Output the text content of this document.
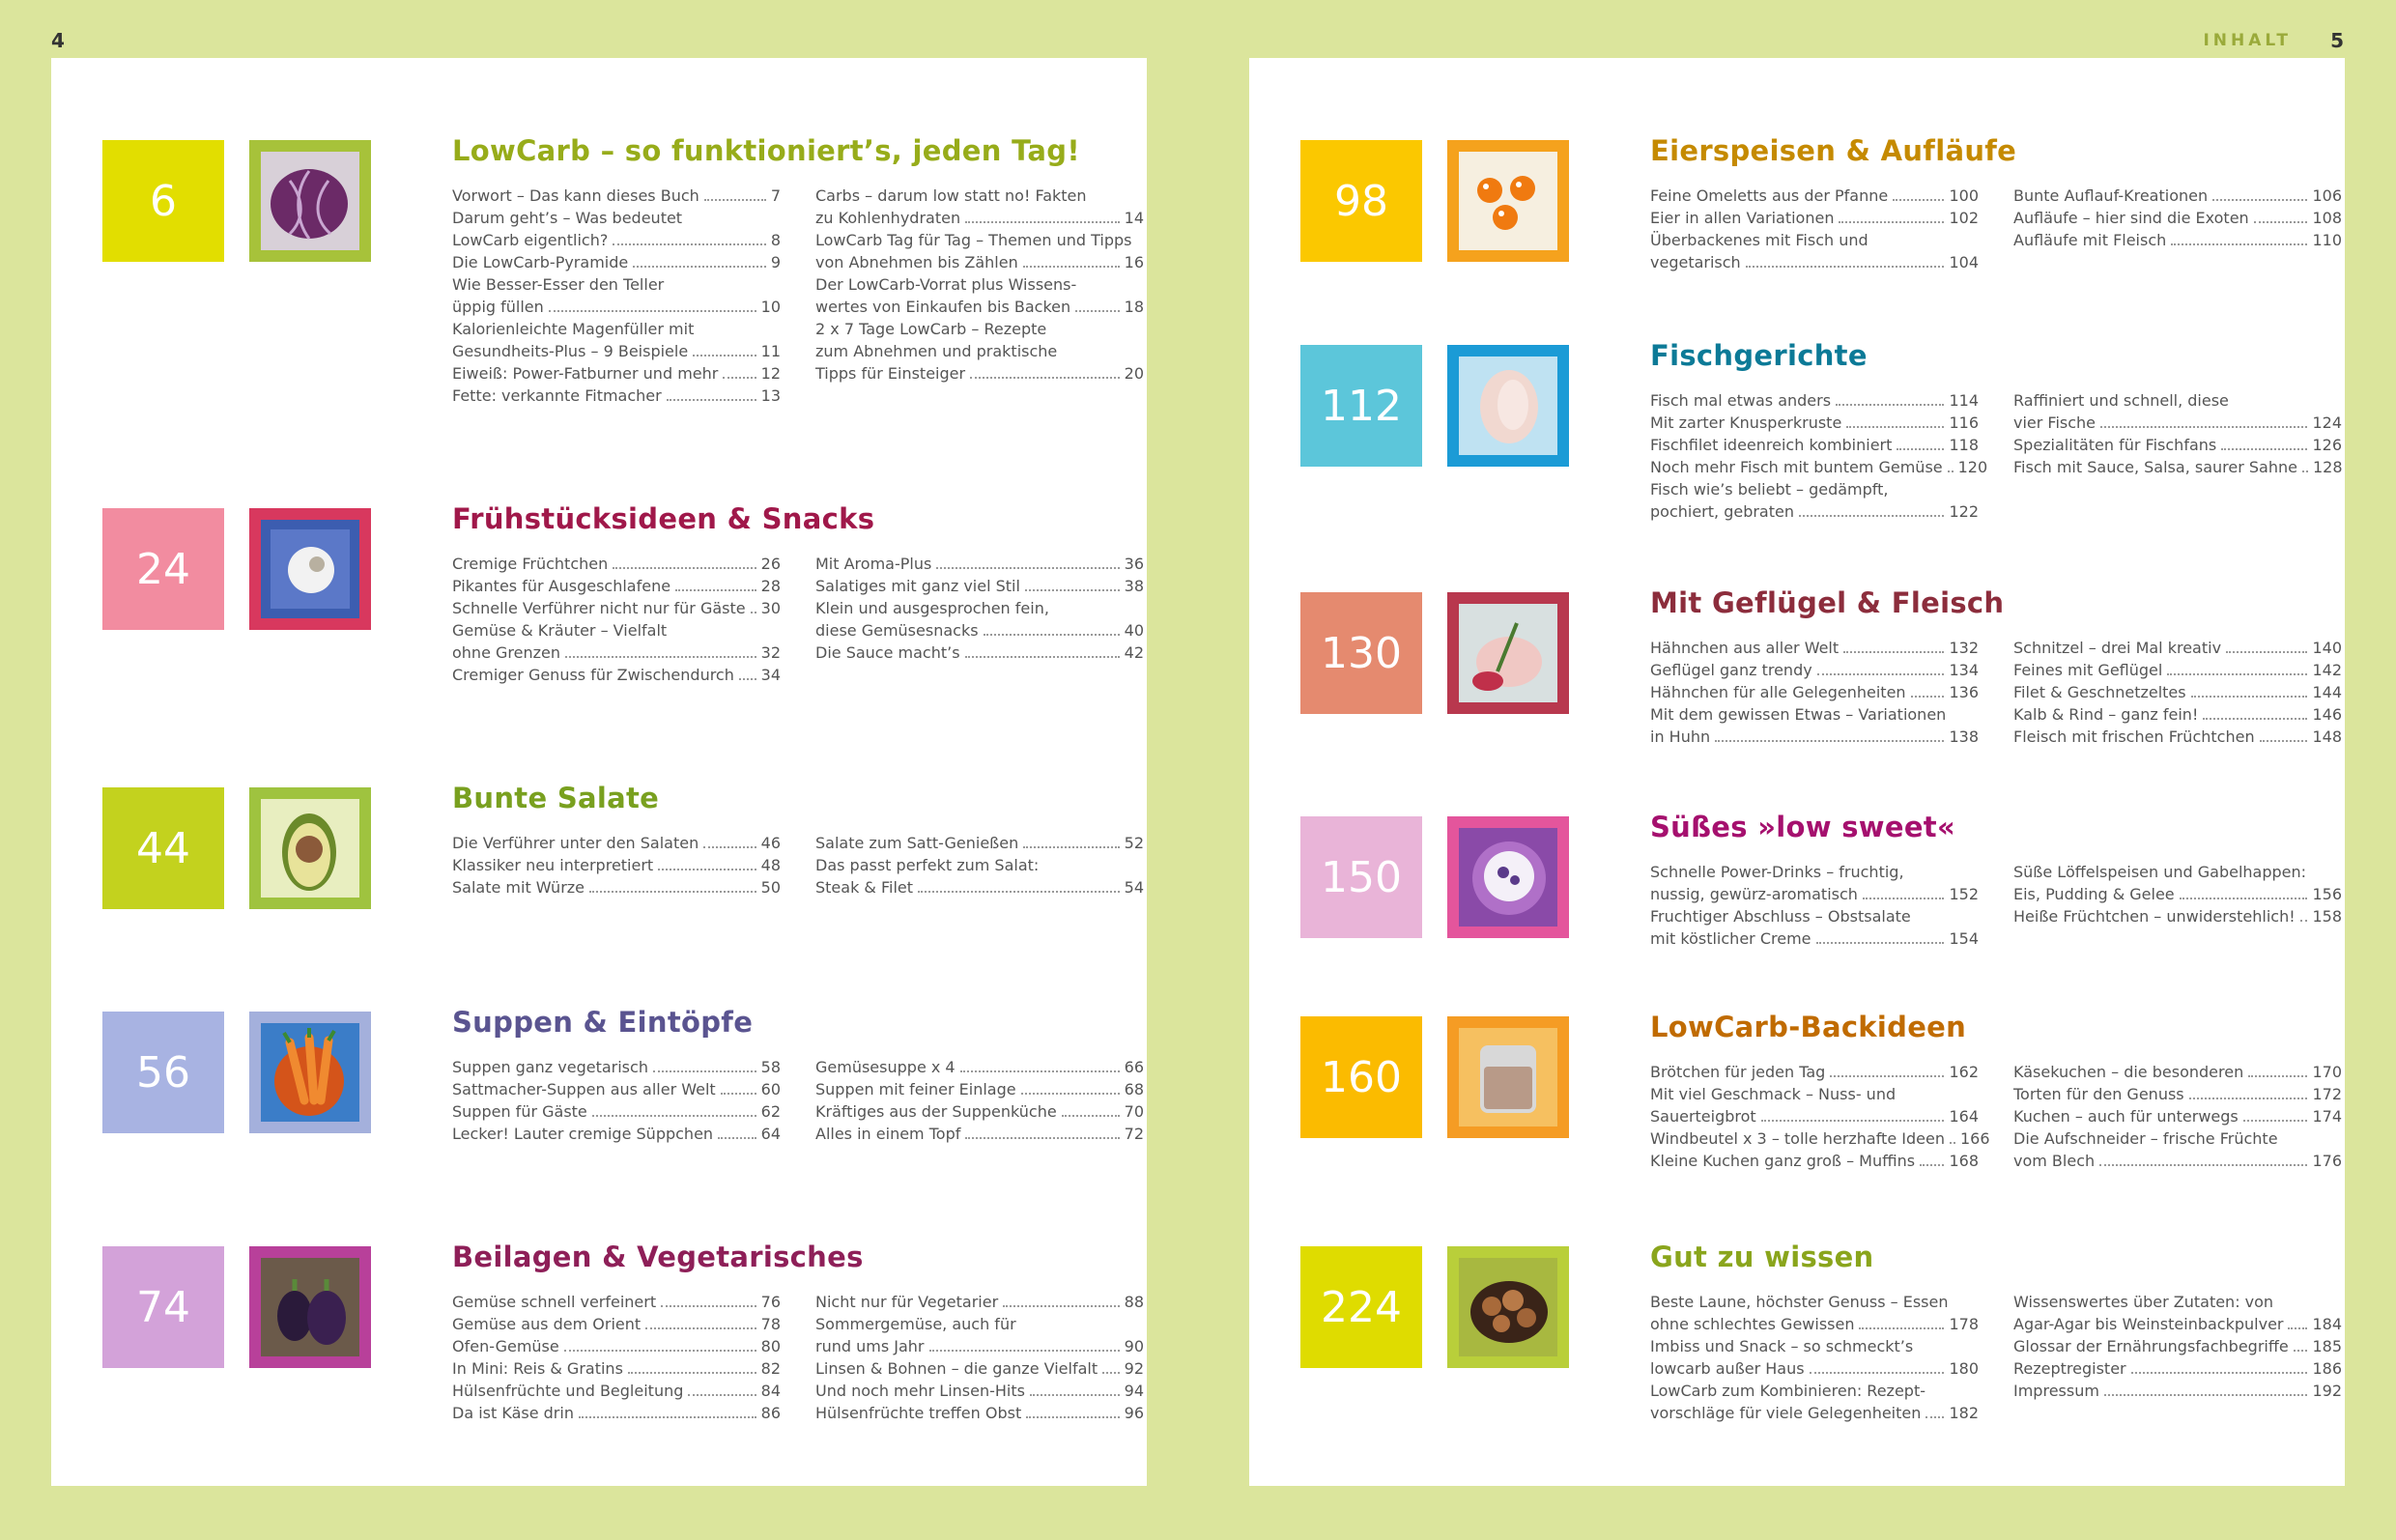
4	INHALT 5
6
LowCarb – so funktioniert’s, jeden Tag!
Vorwort – Das kann dieses Buch	7
Darum geht’s – Was bedeutet
LowCarb eigentlich?	8
Die LowCarb-Pyramide	9
Wie Besser-Esser den Teller
üppig füllen	10
Kalorienleichte Magenfüller mit
Gesundheits-Plus – 9 Beispiele	11
Eiweiß: Power-Fatburner und mehr	12
Fette: verkannte Fitmacher	13
Carbs – darum low statt no! Fakten
zu Kohlenhydraten	14
LowCarb Tag für Tag – Themen und Tipps
von Abnehmen bis Zählen	16
Der LowCarb-Vorrat plus Wissens-
wertes von Einkaufen bis Backen	18
2 x 7 Tage LowCarb – Rezepte
zum Abnehmen und praktische
Tipps für Einsteiger	20
24
Frühstücksideen & Snacks
Cremige Früchtchen	26
Pikantes für Ausgeschlafene	28
Schnelle Verführer nicht nur für Gäste 30
Gemüse & Kräuter – Vielfalt
ohne Grenzen	32
Cremiger Genuss für Zwischendurch 34
Mit Aroma-Plus	36
Salatiges mit ganz viel Stil	38
Klein und ausgesprochen fein,
diese Gemüsesnacks	40
Die Sauce macht’s	42
44
Bunte Salate
Die Verführer unter den Salaten	46
Klassiker neu interpretiert	48
Salate mit Würze	50
Salate zum Satt-Genießen	52
Das passt perfekt zum Salat:
Steak & Filet	54
56
Suppen & Eintöpfe
Suppen ganz vegetarisch	58
Sattmacher-Suppen aus aller Welt	60
Suppen für Gäste	62
Lecker! Lauter cremige Süppchen	64
Gemüsesuppe x 4	66
Suppen mit feiner Einlage	68
Kräftiges aus der Suppenküche	70
Alles in einem Topf	72
74
Beilagen & Vegetarisches
Gemüse schnell verfeinert	76
Gemüse aus dem Orient	78
Ofen-Gemüse	80
In Mini: Reis & Gratins	82
Hülsenfrüchte und Begleitung	84
Da ist Käse drin	86
Nicht nur für Vegetarier	88
Sommergemüse, auch für
rund ums Jahr	90
Linsen & Bohnen – die ganze Vielfalt 92
Und noch mehr Linsen-Hits	94
Hülsenfrüchte treffen Obst	96
98
Eierspeisen & Aufläufe
Feine Omeletts aus der Pfanne	100
Eier in allen Variationen	102
Überbackenes mit Fisch und
vegetarisch	104
Bunte Auflauf-Kreationen	106
Aufläufe – hier sind die Exoten	108
Aufläufe mit Fleisch	110
112
Fischgerichte
Fisch mal etwas anders	114
Mit zarter Knusperkruste	116
Fischfilet ideenreich kombiniert	118
Noch mehr Fisch mit buntem Gemüse 120
Fisch wie’s beliebt – gedämpft,
pochiert, gebraten	122
Raffiniert und schnell, diese
vier Fische	124
Spezialitäten für Fischfans	126
Fisch mit Sauce, Salsa, saurer Sahne 128
130
Mit Geflügel & Fleisch
Hähnchen aus aller Welt	132
Geflügel ganz trendy	134
Hähnchen für alle Gelegenheiten	136
Mit dem gewissen Etwas – Variationen
in Huhn	138
Schnitzel – drei Mal kreativ	140
Feines mit Geflügel	142
Filet & Geschnetzeltes	144
Kalb & Rind – ganz fein!	146
Fleisch mit frischen Früchtchen	148
150
Süßes »low sweet«
Schnelle Power-Drinks – fruchtig,
nussig, gewürz-aromatisch	152
Fruchtiger Abschluss – Obstsalate
mit köstlicher Creme	154
Süße Löffelspeisen und Gabelhappen:
Eis, Pudding & Gelee	156
Heiße Früchtchen – unwiderstehlich! 158
160
LowCarb-Backideen
Brötchen für jeden Tag	162
Mit viel Geschmack – Nuss- und
Sauerteigbrot	164
Windbeutel x 3 – tolle herzhafte Ideen 166
Kleine Kuchen ganz groß – Muffins 168
Käsekuchen – die besonderen	170
Torten für den Genuss	172
Kuchen – auch für unterwegs	174
Die Aufschneider – frische Früchte
vom Blech	176
224
Gut zu wissen
Beste Laune, höchster Genuss – Essen
ohne schlechtes Gewissen	178
Imbiss und Snack – so schmeckt’s
lowcarb außer Haus	180
LowCarb zum Kombinieren: Rezept-
vorschläge für viele Gelegenheiten 182
Wissenswertes über Zutaten: von
Agar-Agar bis Weinsteinbackpulver 184
Glossar der Ernährungsfachbegriffe 185
Rezeptregister	186
Impressum	192
